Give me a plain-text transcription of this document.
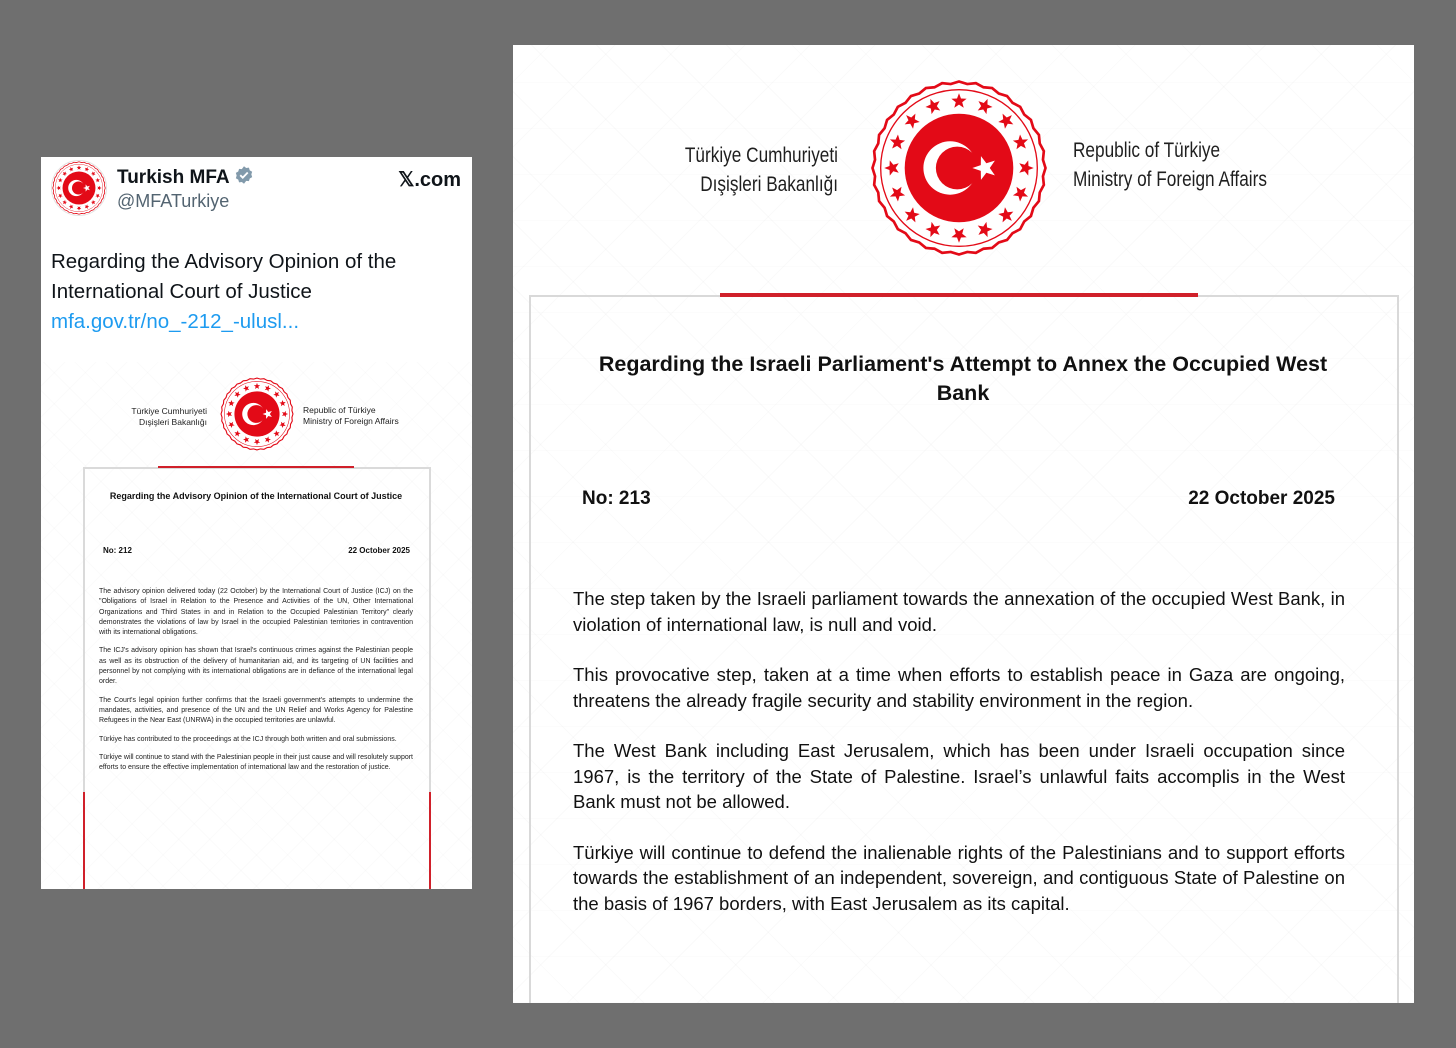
Turkish MFA
@MFATurkiye
𝕏.com
Regarding the Advisory Opinion of the International Court of Justice mfa.gov.tr/no_-212_-ulusl...
Türkiye Cumhuriyeti
Dışişleri Bakanlığı
Republic of Türkiye
Ministry of Foreign Affairs
Regarding the Advisory Opinion of the International Court of Justice
No: 212	22 October 2025

The advisory opinion delivered today (22 October) by the International Court of Justice (ICJ) on the "Obligations of Israel in Relation to the Presence and Activities of the UN, Other International Organizations and Third States in and in Relation to the Occupied Palestinian Territory" clearly demonstrates the violations of law by Israel in the occupied Palestinian territories in contravention with its international obligations.

The ICJ's advisory opinion has shown that Israel's continuous crimes against the Palestinian people as well as its obstruction of the delivery of humanitarian aid, and its targeting of UN facilities and personnel by not complying with its international obligations are in defiance of the international legal order.

The Court's legal opinion further confirms that the Israeli government's attempts to undermine the mandates, activities, and presence of the UN and the UN Relief and Works Agency for Palestine Refugees in the Near East (UNRWA) in the occupied territories are unlawful.

Türkiye has contributed to the proceedings at the ICJ through both written and oral submissions.

Türkiye will continue to stand with the Palestinian people in their just cause and will resolutely support efforts to ensure the effective implementation of international law and the restoration of justice.

Türkiye Cumhuriyeti
Dışişleri Bakanlığı
Republic of Türkiye
Ministry of Foreign Affairs
Regarding the Israeli Parliament's Attempt to Annex the Occupied West Bank
No: 213	22 October 2025

The step taken by the Israeli parliament towards the annexation of the occupied West Bank, in violation of international law, is null and void.

This provocative step, taken at a time when efforts to establish peace in Gaza are ongoing, threatens the already fragile security and stability environment in the region.

The West Bank including East Jerusalem, which has been under Israeli occupation since 1967, is the territory of the State of Palestine. Israel’s unlawful faits accomplis in the West Bank must not be allowed.

Türkiye will continue to defend the inalienable rights of the Palestinians and to support efforts towards the establishment of an independent, sovereign, and contiguous State of Palestine on the basis of 1967 borders, with East Jerusalem as its capital.
